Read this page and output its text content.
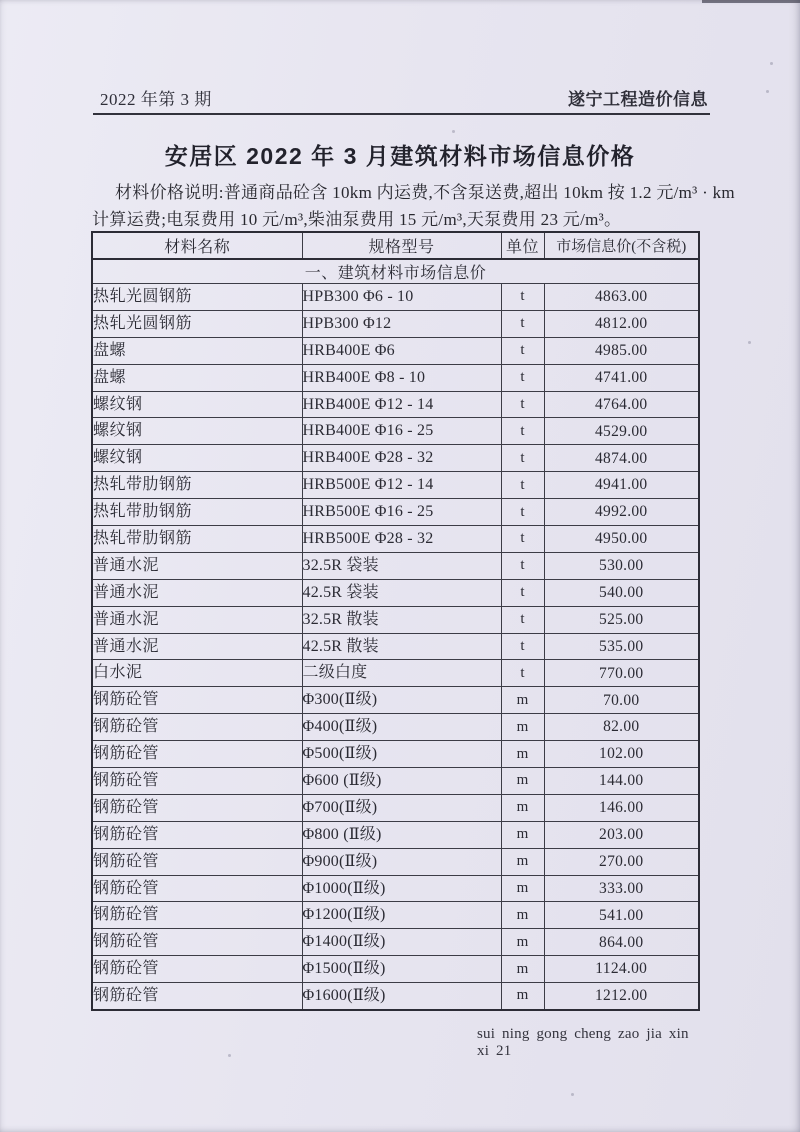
2022 年第 3 期	遂宁工程造价信息
安居区 2022 年 3 月建筑材料市场信息价格
材料价格说明:普通商品砼含 10km 内运费,不含泵送费,超出 10km 按 1.2 元/m³ · km
计算运费;电泵费用 10 元/m³,柴油泵费用 15 元/m³,天泵费用 23 元/m³。
材料名称	规格型号	单位	市场信息价(不含税)
一、建筑材料市场信息价			
热轧光圆钢筋	HPB300 Φ6 - 10	t	4863.00
热轧光圆钢筋	HPB300 Φ12	t	4812.00
盘螺	HRB400E Φ6	t	4985.00
盘螺	HRB400E Φ8 - 10	t	4741.00
螺纹钢	HRB400E Φ12 - 14	t	4764.00
螺纹钢	HRB400E Φ16 - 25	t	4529.00
螺纹钢	HRB400E Φ28 - 32	t	4874.00
热轧带肋钢筋	HRB500E Φ12 - 14	t	4941.00
热轧带肋钢筋	HRB500E Φ16 - 25	t	4992.00
热轧带肋钢筋	HRB500E Φ28 - 32	t	4950.00
普通水泥	32.5R 袋装	t	530.00
普通水泥	42.5R 袋装	t	540.00
普通水泥	32.5R 散装	t	525.00
普通水泥	42.5R 散装	t	535.00
白水泥	二级白度	t	770.00
钢筋砼管	Φ300(Ⅱ级)	m	70.00
钢筋砼管	Φ400(Ⅱ级)	m	82.00
钢筋砼管	Φ500(Ⅱ级)	m	102.00
钢筋砼管	Φ600 (Ⅱ级)	m	144.00
钢筋砼管	Φ700(Ⅱ级)	m	146.00
钢筋砼管	Φ800 (Ⅱ级)	m	203.00
钢筋砼管	Φ900(Ⅱ级)	m	270.00
钢筋砼管	Φ1000(Ⅱ级)	m	333.00
钢筋砼管	Φ1200(Ⅱ级)	m	541.00
钢筋砼管	Φ1400(Ⅱ级)	m	864.00
钢筋砼管	Φ1500(Ⅱ级)	m	1124.00
钢筋砼管	Φ1600(Ⅱ级)	m	1212.00
sui ning gong cheng zao jia xin xi 21
